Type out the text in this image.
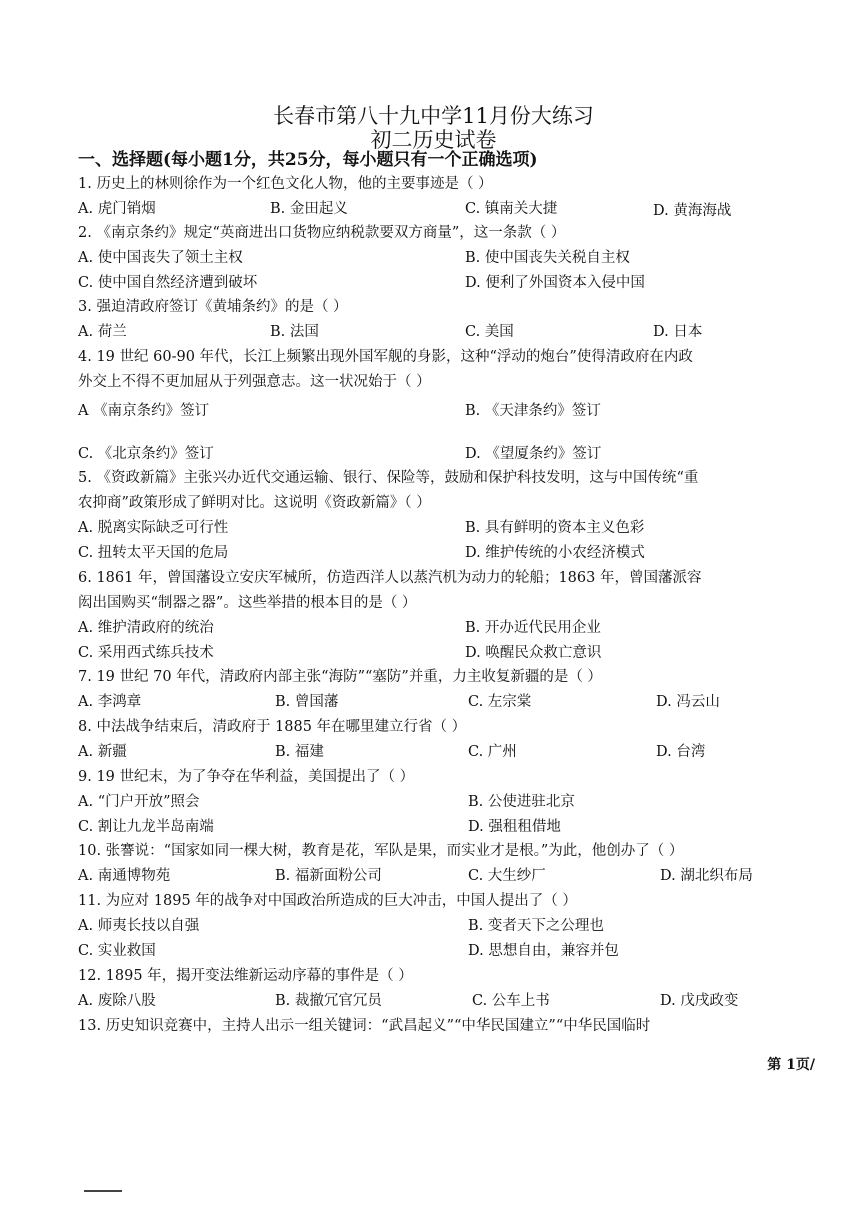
长春市第八十九中学11月份大练习
初二历史试卷
一、选择题(每小题1分，共25分，每小题只有一个正确选项)
1. 历史上的林则徐作为一个红色文化人物，他的主要事迹是（ ）
A. 虎门销烟	B. 金田起义	C. 镇南关大捷	D. 黄海海战
2. 《南京条约》规定“英商进出口货物应纳税款要双方商量”，这一条款（ ）
A. 使中国丧失了领土主权	B. 使中国丧失关税自主权
C. 使中国自然经济遭到破坏	D. 便利了外国资本入侵中国
3. 强迫清政府签订《黄埔条约》的是（ ）
A. 荷兰	B. 法国	C. 美国	D. 日本
4. 19 世纪 60-90 年代，长江上频繁出现外国军舰的身影，这种“浮动的炮台”使得清政府在内政
外交上不得不更加屈从于列强意志。这一状况始于（ ）
A 《南京条约》签订	B. 《天津条约》签订
C. 《北京条约》签订	D. 《望厦条约》签订
5. 《资政新篇》主张兴办近代交通运输、银行、保险等，鼓励和保护科技发明，这与中国传统“重
农抑商”政策形成了鲜明对比。这说明《资政新篇》（ ）
A. 脱离实际缺乏可行性	B. 具有鲜明的资本主义色彩
C. 扭转太平天国的危局	D. 维护传统的小农经济模式
6. 1861 年，曾国藩设立安庆军械所，仿造西洋人以蒸汽机为动力的轮船；1863 年，曾国藩派容
闳出国购买“制器之器”。这些举措的根本目的是（ ）
A. 维护清政府的统治	B. 开办近代民用企业
C. 采用西式练兵技术	D. 唤醒民众救亡意识
7. 19 世纪 70 年代，清政府内部主张“海防”“塞防”并重，力主收复新疆的是（ ）
A. 李鸿章	B. 曾国藩	C. 左宗棠	D. 冯云山
8. 中法战争结束后，清政府于 1885 年在哪里建立行省（ ）
A. 新疆	B. 福建	C. 广州	D. 台湾
9. 19 世纪末，为了争夺在华利益，美国提出了（ ）
A. “门户开放”照会	B. 公使进驻北京
C. 割让九龙半岛南端	D. 强租租借地
10. 张謇说：“国家如同一棵大树，教育是花，军队是果，而实业才是根。”为此，他创办了（ ）
A. 南通博物苑	B. 福新面粉公司	C. 大生纱厂	D. 湖北织布局
11. 为应对 1895 年的战争对中国政治所造成的巨大冲击，中国人提出了（ ）
A. 师夷长技以自强	B. 变者天下之公理也
C. 实业救国	D. 思想自由，兼容并包
12. 1895 年，揭开变法维新运动序幕的事件是（ ）
A. 废除八股	B. 裁撤冗官冗员	C. 公车上书	D. 戊戌政变
13. 历史知识竞赛中，主持人出示一组关键词：“武昌起义”“中华民国建立”“中华民国临时
第 1页/
